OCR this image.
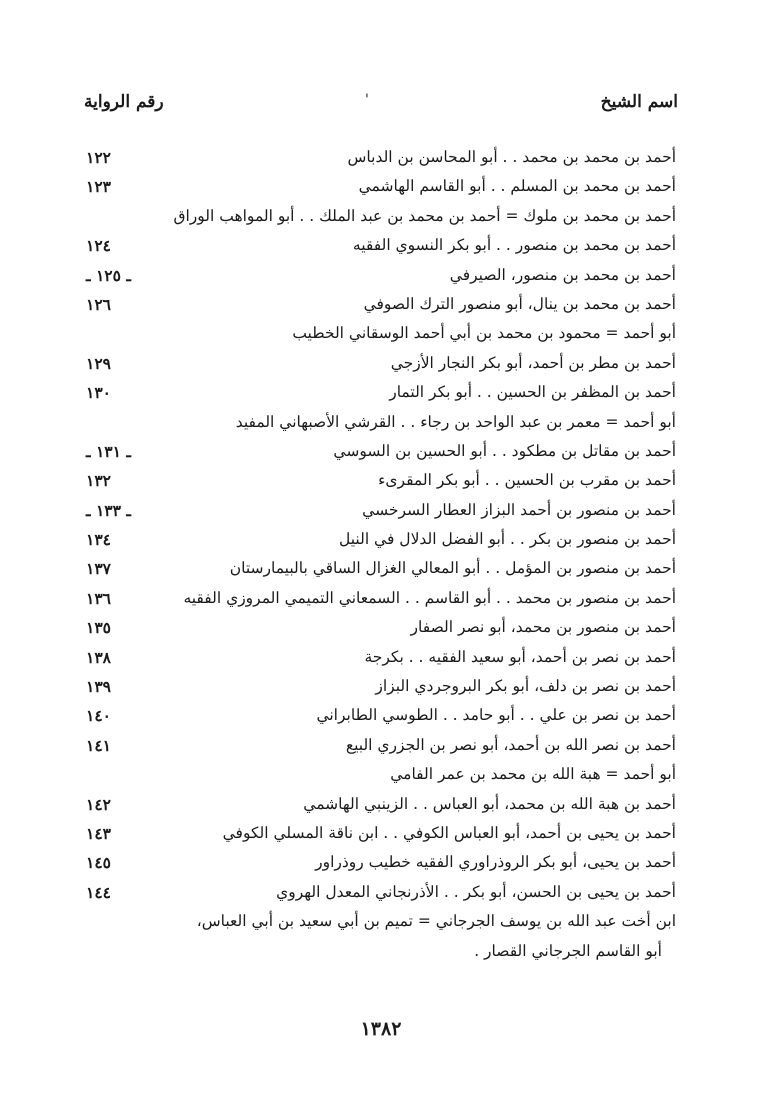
اسم الشيخ
رقم الرواية	'
أحمد بن محمد بن محمد . . أبو المحاسن بن الدباس
١٢٢
أحمد بن محمد بن المسلم . . أبو القاسم الهاشمي
١٢٣
أحمد بن محمد بن ملوك = أحمد بن محمد بن عبد الملك . . أبو المواهب الوراق
أحمد بن محمد بن منصور . . أبو بكر النسوي الفقيه
١٢٤
أحمد بن محمد بن منصور، الصيرفي
ـ ١٢٥ ـ
أحمد بن محمد بن ينال، أبو منصور الترك الصوفي
١٢٦
أبو أحمد = محمود بن محمد بن أبي أحمد الوسقاني الخطيب
أحمد بن مطر بن أحمد، أبو بكر النجار الأزجي
١٢٩
أحمد بن المظفر بن الحسين . . أبو بكر التمار
١٣٠
أبو أحمد = معمر بن عبد الواحد بن رجاء . . القرشي الأصبهاني المفيد
أحمد بن مقاتل بن مطكود . . أبو الحسين بن السوسي
ـ ١٣١ ـ
أحمد بن مقرب بن الحسين . . أبو بكر المقرىء
١٣٢
أحمد بن منصور بن أحمد البزاز العطار السرخسي
ـ ١٣٣ ـ
أحمد بن منصور بن بكر . . أبو الفضل الدلال في النيل
١٣٤
أحمد بن منصور بن المؤمل . . أبو المعالي الغزال الساقي بالبيمارستان
١٣٧
أحمد بن منصور بن محمد . . أبو القاسم . . السمعاني التميمي المروزي الفقيه
١٣٦
أحمد بن منصور بن محمد، أبو نصر الصفار
١٣٥
أحمد بن نصر بن أحمد، أبو سعيد الفقيه . . بكرجة
١٣٨
أحمد بن نصر بن دلف، أبو بكر البروجردي البزاز
١٣٩
أحمد بن نصر بن علي . . أبو حامد . . الطوسي الطابراني
١٤٠
أحمد بن نصر الله بن أحمد، أبو نصر بن الجزري البيع
١٤١
أبو أحمد = هبة الله بن محمد بن عمر الفامي
أحمد بن هبة الله بن محمد، أبو العباس . . الزينبي الهاشمي
١٤٢
أحمد بن يحيى بن أحمد، أبو العباس الكوفي . . ابن ناقة المسلي الكوفي
١٤٣
أحمد بن يحيى، أبو بكر الروذراوري الفقيه خطيب روذراور
١٤٥
أحمد بن يحيى بن الحسن، أبو بكر . . الأذرنجاني المعدل الهروي
١٤٤
ابن أخت عبد الله بن يوسف الجرجاني = تميم بن أبي سعيد بن أبي العباس،
أبو القاسم الجرجاني القصار .
١٣٨٢
